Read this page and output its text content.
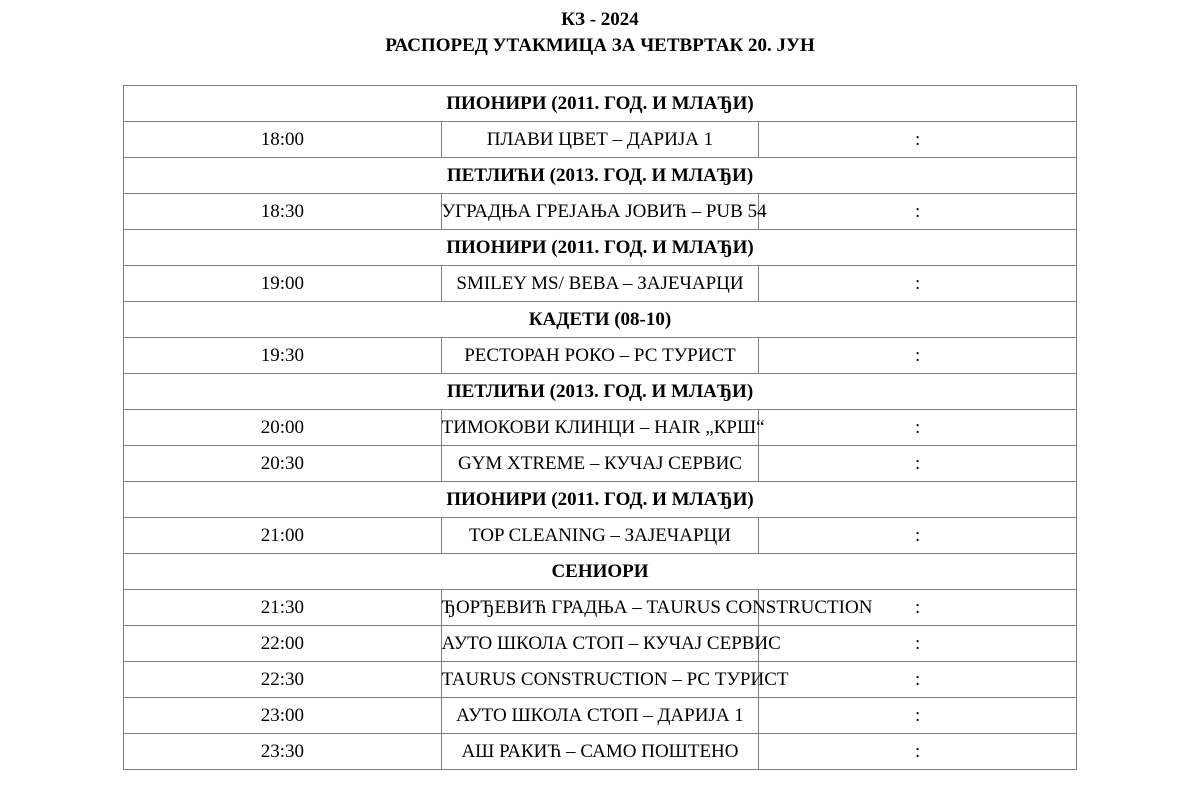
КЗ - 2024
РАСПОРЕД УТАКМИЦА ЗА ЧЕТВРТАК 20. ЈУН
ПИОНИРИ (2011. ГОД. И МЛАЂИ)		
18:00	ПЛАВИ ЦВЕТ – ДАРИЈА 1	:
ПЕТЛИЋИ (2013. ГОД. И МЛАЂИ)		
18:30	УГРАДЊА ГРЕЈАЊА ЈОВИЋ – PUB 54	:
ПИОНИРИ (2011. ГОД. И МЛАЂИ)		
19:00	SMILEY MS/ BEBA – ЗАЈЕЧАРЦИ	:
КАДЕТИ (08-10)		
19:30	РЕСТОРАН РОКО – РС ТУРИСТ	:
ПЕТЛИЋИ (2013. ГОД. И МЛАЂИ)		
20:00	ТИМОКОВИ КЛИНЦИ – HAIR „КРШ“	:
20:30	GYM XTREME – КУЧАЈ СЕРВИС	:
ПИОНИРИ (2011. ГОД. И МЛАЂИ)		
21:00	TOP CLEANING – ЗАЈЕЧАРЦИ	:
СЕНИОРИ		
21:30	ЂОРЂЕВИЋ ГРАДЊА – TAURUS CONSTRUCTION	:
22:00	АУТО ШКОЛА СТОП – КУЧАЈ СЕРВИС	:
22:30	TAURUS CONSTRUCTION – РС ТУРИСТ	:
23:00	АУТО ШКОЛА СТОП – ДАРИЈА 1	:
23:30	АШ РАКИЋ – САМО ПОШТЕНО	:
